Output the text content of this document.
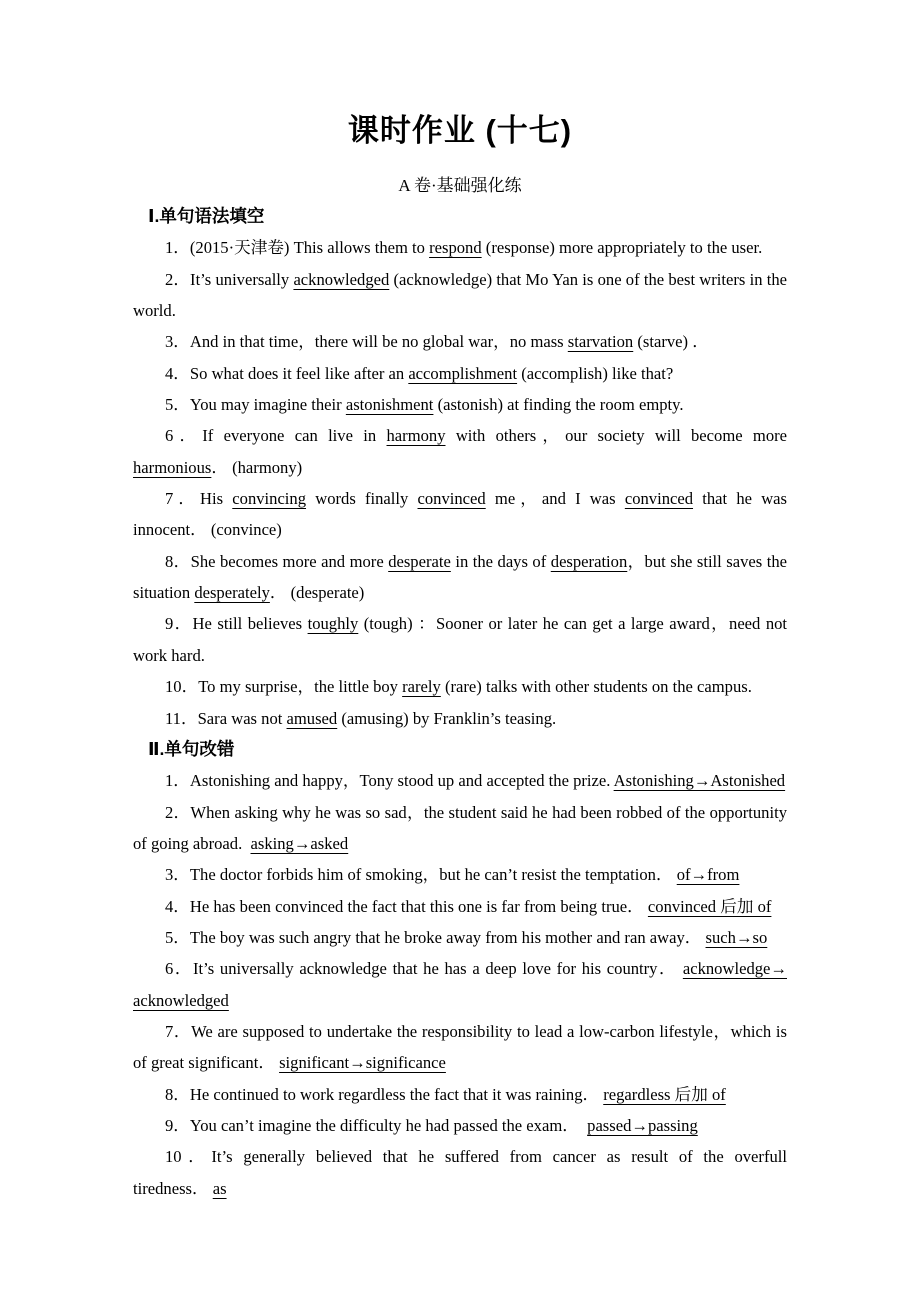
课时作业 (十七)
A 卷·基础强化练

Ⅰ.单句语法填空

1．(2015·天津卷) This allows them to respond (response) more appropriately to the user.

2．It’s universally acknowledged (acknowledge) that Mo Yan is one of the best writers in the world.

3．And in that time，there will be no global war，no mass starvation (starve) ．

4．So what does it feel like after an accomplishment (accomplish) like that?

5．You may imagine their astonishment (astonish) at finding the room empty.

6．If everyone can live in harmony with others，our society will become more harmonious． (harmony)

7．His convincing words finally convinced me，and I was convinced that he was innocent． (convince)

8．She becomes more and more desperate in the days of desperation，but she still saves the situation desperately． (desperate)

9．He still believes toughly (tough) ：Sooner or later he can get a large award，need not work hard.

10．To my surprise，the little boy rarely (rare) talks with other students on the campus.

11．Sara was not amused (amusing) by Franklin’s teasing.

Ⅱ.单句改错

1．Astonishing and happy，Tony stood up and accepted the prize. Astonishing→Astonished

2．When asking why he was so sad，the student said he had been robbed of the opportunity of going abroad.  asking→asked

3．The doctor forbids him of smoking，but he can’t resist the temptation． of→from

4．He has been convinced the fact that this one is far from being true． convinced 后加 of

5．The boy was such angry that he broke away from his mother and ran away． such→so

6．It’s universally acknowledge that he has a deep love for his country． acknowledge→acknowledged

7．We are supposed to undertake the responsibility to lead a low-carbon lifestyle，which is of great significant． significant→significance

8．He continued to work regardless the fact that it was raining． regardless 后加 of

9．You can’t imagine the difficulty he had passed the exam．  passed→passing

10．It’s generally believed that he suffered from cancer as result of the overfull tiredness． as
